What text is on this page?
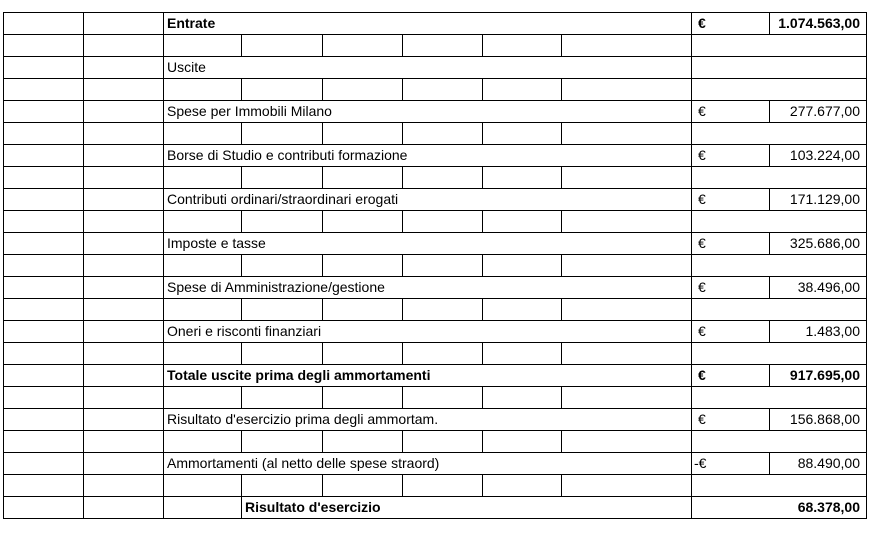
		Entrate						€	1.074.563,00

		Uscite							

		Spese per Immobili Milano						€	277.677,00

		Borse di Studio e contributi formazione						€	103.224,00

		Contributi ordinari/straordinari erogati						€	171.129,00

		Imposte e tasse						€	325.686,00

		Spese di Amministrazione/gestione						€	38.496,00

		Oneri e risconti finanziari						€	1.483,00

		Totale uscite prima degli ammortamenti						€	917.695,00

		Risultato d'esercizio prima degli ammortam.						€	156.868,00

		Ammortamenti (al netto delle spese straord)						-€	88.490,00

			Risultato d'esercizio					68.378,00	
